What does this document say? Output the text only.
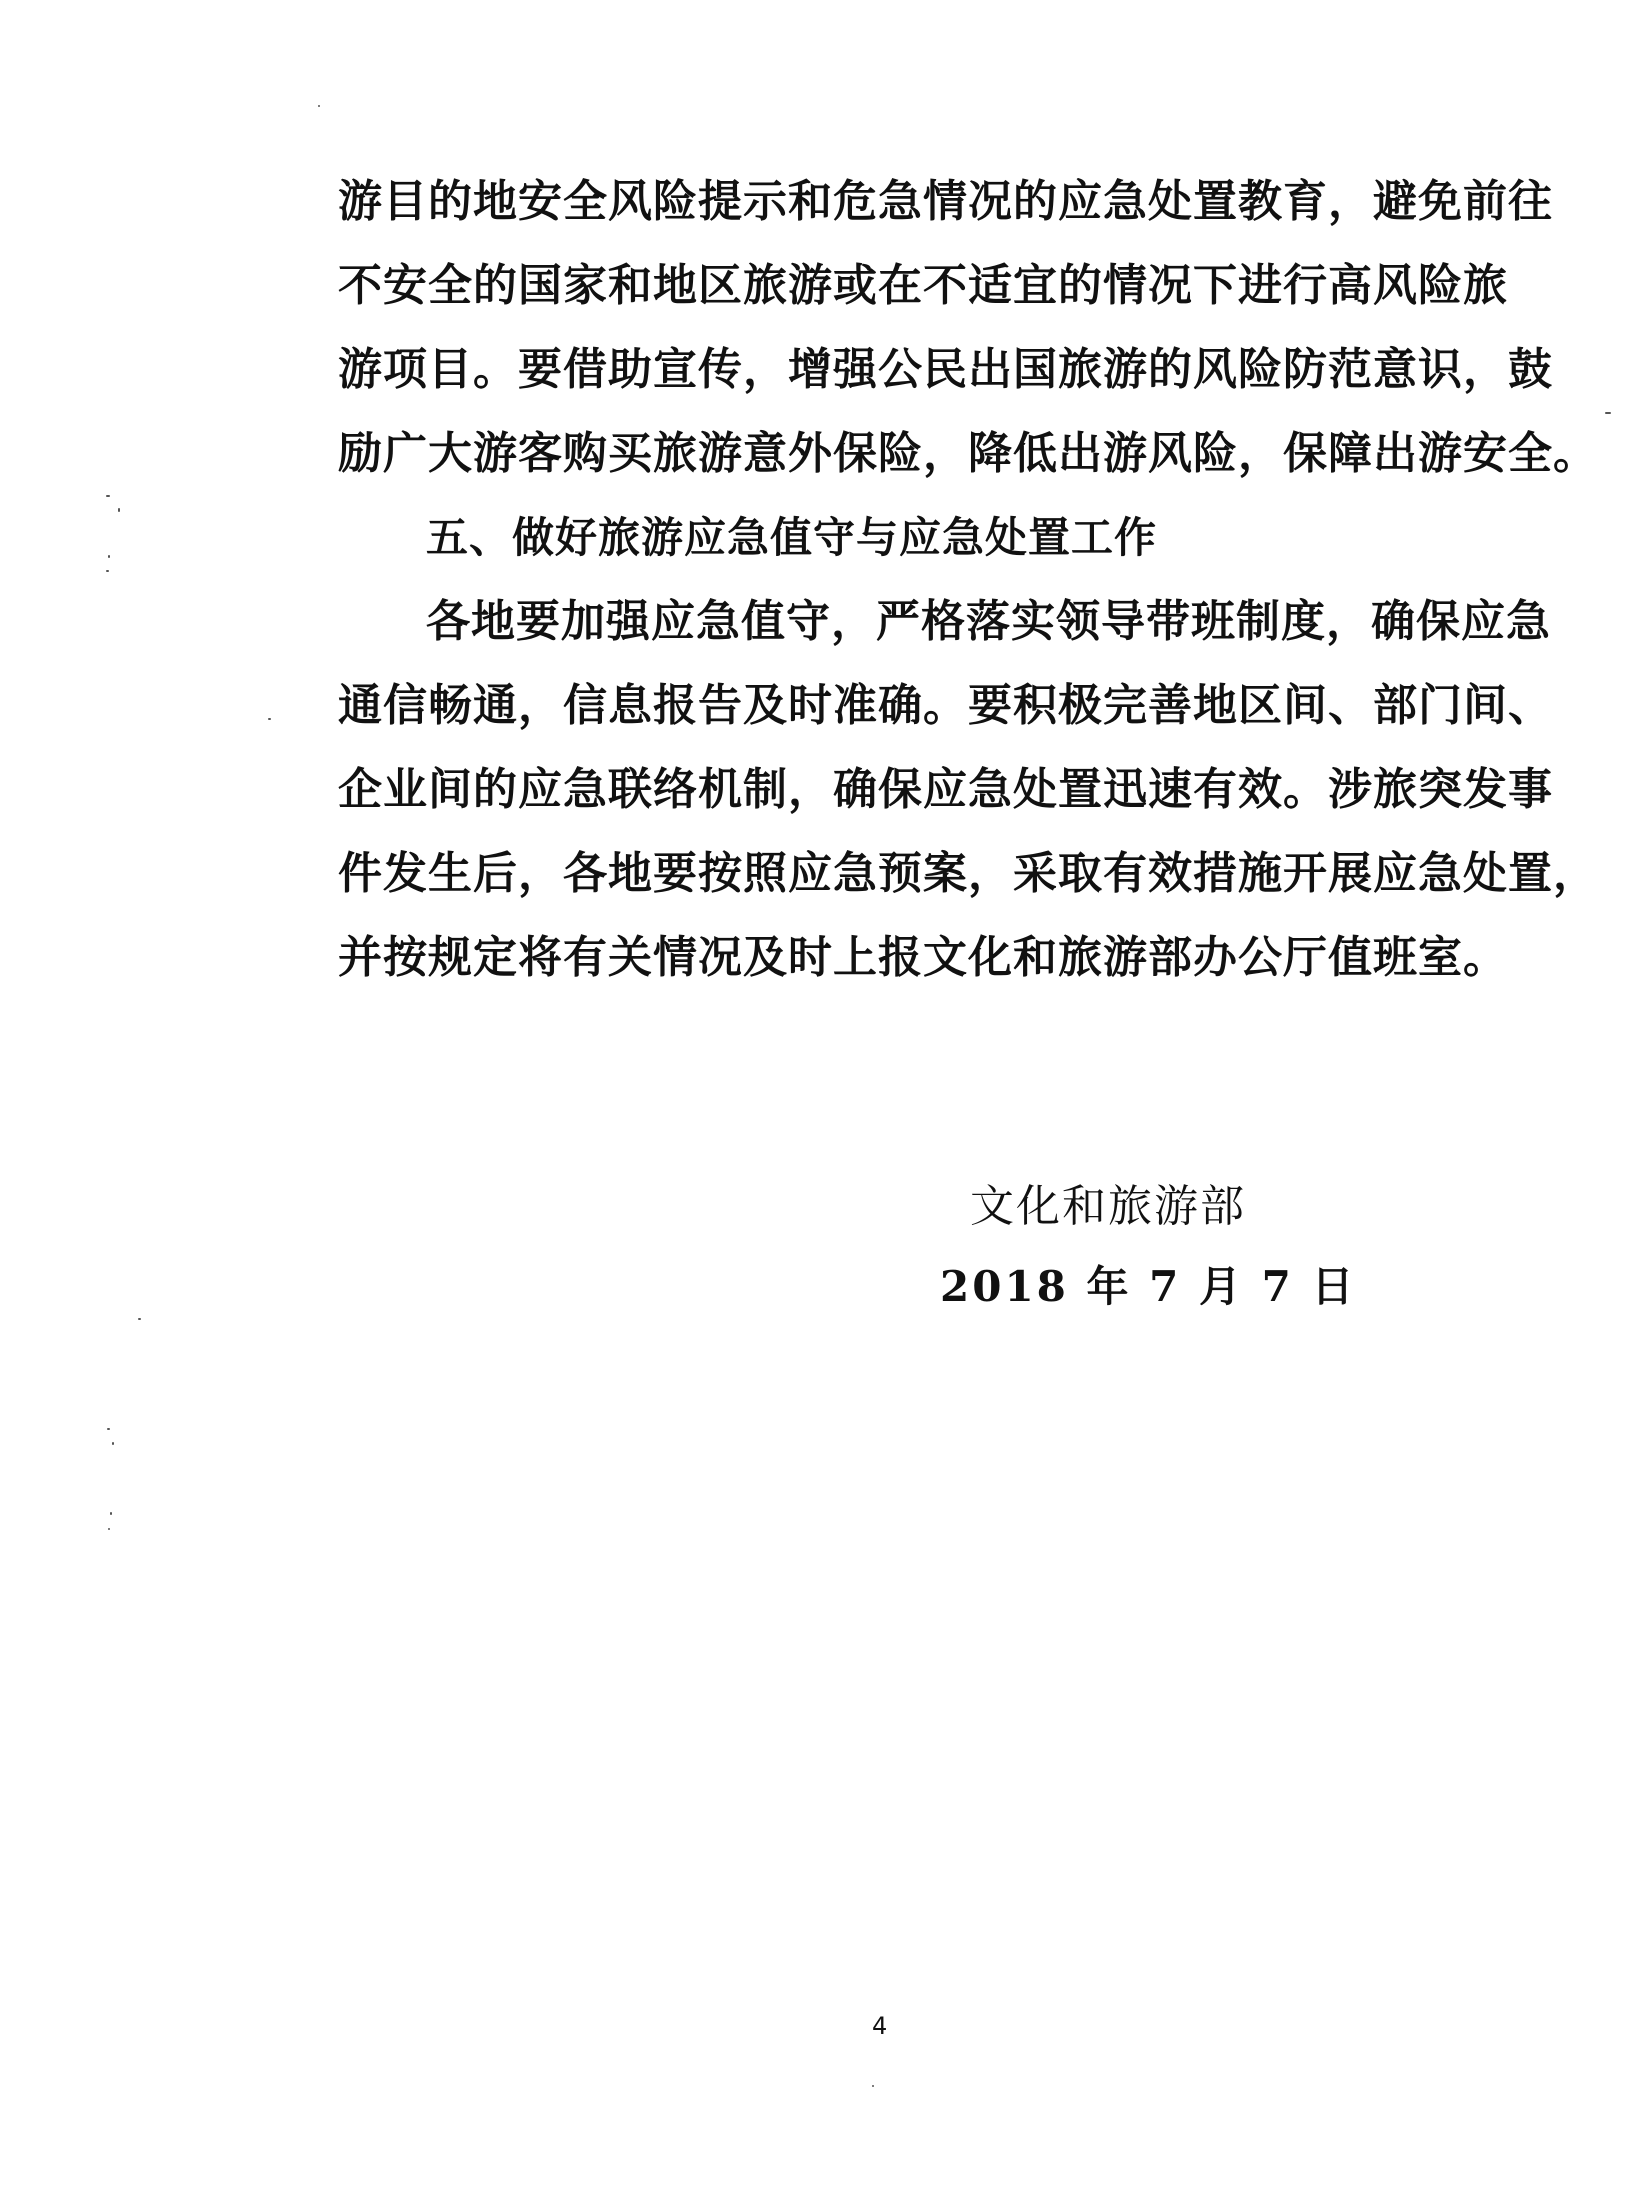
游目的地安全风险提示和危急情况的应急处置教育，避免前往
不安全的国家和地区旅游或在不适宜的情况下进行高风险旅
游项目。要借助宣传，增强公民出国旅游的风险防范意识，鼓
励广大游客购买旅游意外保险，降低出游风险，保障出游安全。
五、做好旅游应急值守与应急处置工作
各地要加强应急值守，严格落实领导带班制度，确保应急
通信畅通，信息报告及时准确。要积极完善地区间、部门间、
企业间的应急联络机制，确保应急处置迅速有效。涉旅突发事
件发生后，各地要按照应急预案，采取有效措施开展应急处置，
并按规定将有关情况及时上报文化和旅游部办公厅值班室。
文化和旅游部
2018 年 7 月 7 日
4
